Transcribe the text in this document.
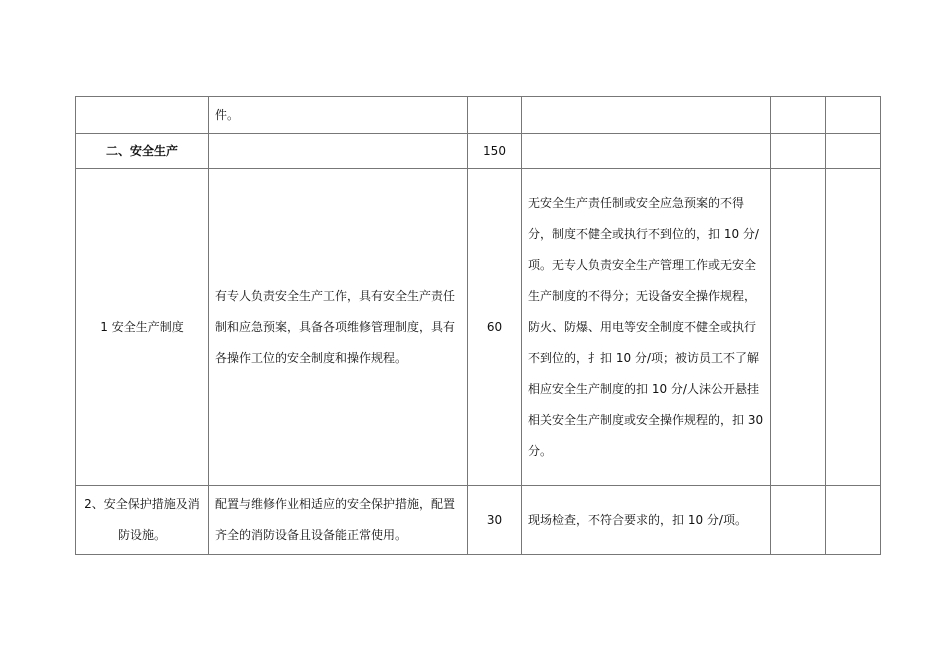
	件。				
二、安全生产		150			
1 安全生产制度	有专人负责安全生产工作，具有安全生产责任制和应急预案，具备各项维修管理制度，具有各操作工位的安全制度和操作规程。	60	无安全生产责任制或安全应急预案的不得分，制度不健全或执行不到位的，扣 10 分/项。无专人负责安全生产管理工作或无安全生产制度的不得分；无设备安全操作规程，防火、防爆、用电等安全制度不健全或执行不到位的，扌扣 10 分/项；被访员工不了解相应安全生产制度的扣 10 分/人沫公开悬挂相关安全生产制度或安全操作规程的，扣 30 分。		
2、安全保护措施及消防设施。	配置与维修作业相适应的安全保护措施，配置齐全的消防设备且设备能正常使用。	30	现场检查，不符合要求的，扣 10 分/项。		
